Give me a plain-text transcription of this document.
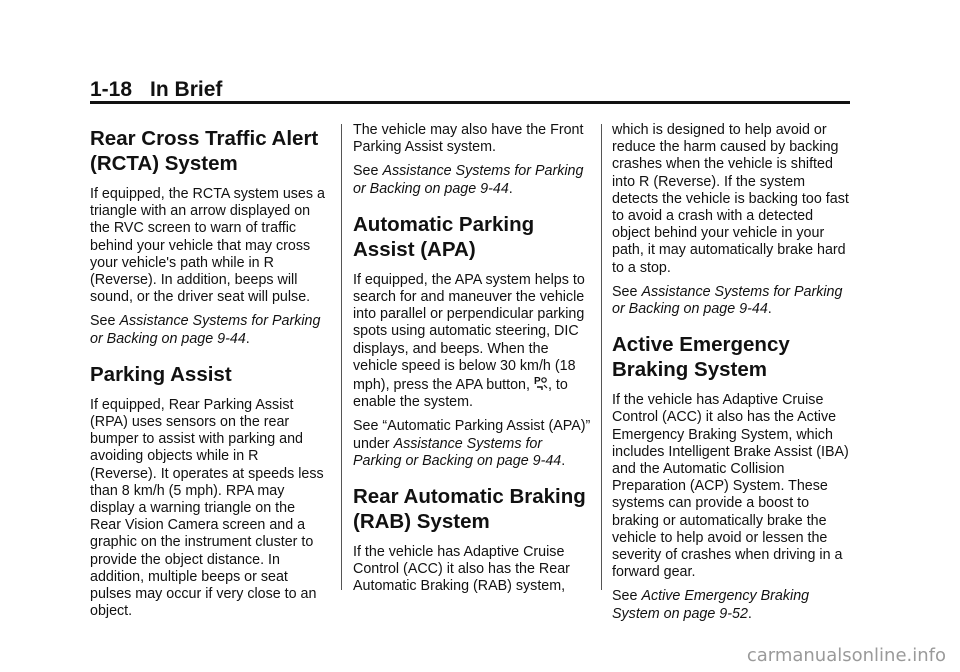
1-18 In Brief
Rear Cross Traffic Alert (RCTA) System

If equipped, the RCTA system uses a triangle with an arrow displayed on the RVC screen to warn of traffic behind your vehicle that may cross your vehicle's path while in R (Reverse). In addition, beeps will sound, or the driver seat will pulse.

See Assistance Systems for Parking or Backing on page 9-44.

Parking Assist

If equipped, Rear Parking Assist (RPA) uses sensors on the rear bumper to assist with parking and avoiding objects while in R (Reverse). It operates at speeds less than 8 km/h (5 mph). RPA may display a warning triangle on the Rear Vision Camera screen and a graphic on the instrument cluster to provide the object distance. In addition, multiple beeps or seat pulses may occur if very close to an object.

The vehicle may also have the Front Parking Assist system.

See Assistance Systems for Parking or Backing on page 9-44.

Automatic Parking Assist (APA)

If equipped, the APA system helps to search for and maneuver the vehicle into parallel or perpendicular parking spots using automatic steering, DIC displays, and beeps. When the vehicle speed is below 30 km/h (18 mph), press the APA button, P , to enable the system.

See “Automatic Parking Assist (APA)” under Assistance Systems for Parking or Backing on page 9-44.

Rear Automatic Braking (RAB) System

If the vehicle has Adaptive Cruise Control (ACC) it also has the Rear Automatic Braking (RAB) system,

which is designed to help avoid or reduce the harm caused by backing crashes when the vehicle is shifted into R (Reverse). If the system detects the vehicle is backing too fast to avoid a crash with a detected object behind your vehicle in your path, it may automatically brake hard to a stop.

See Assistance Systems for Parking or Backing on page 9-44.

Active Emergency Braking System

If the vehicle has Adaptive Cruise Control (ACC) it also has the Active Emergency Braking System, which includes Intelligent Brake Assist (IBA) and the Automatic Collision Preparation (ACP) System. These systems can provide a boost to braking or automatically brake the vehicle to help avoid or lessen the severity of crashes when driving in a forward gear.

See Active Emergency Braking System on page 9-52.

carmanualsonline.info
